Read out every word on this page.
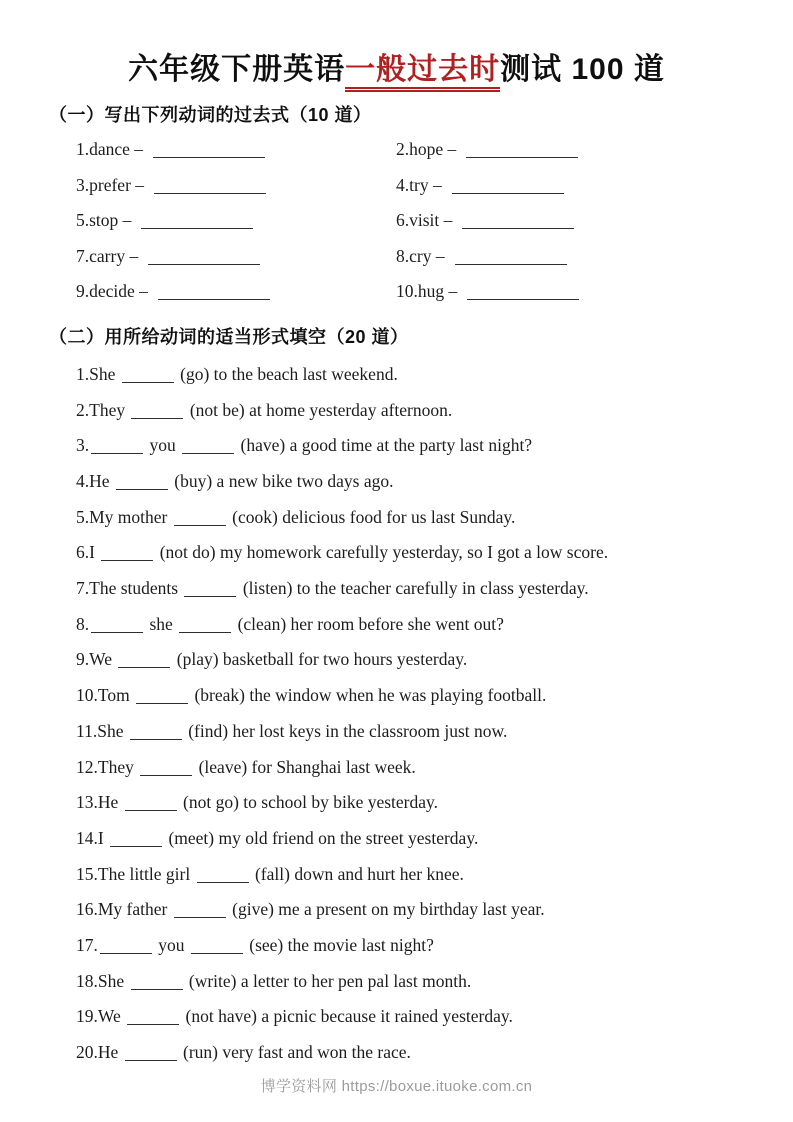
六年级下册英语一般过去时测试 100 道
（一）写出下列动词的过去式（10 道）
1.dance –	2.hope –
3.prefer –	4.try –
5.stop –	6.visit –
7.carry –	8.cry –
9.decide –	10.hug –
（二）用所给动词的适当形式填空（20 道）
1.She	(go) to the beach last weekend.
2.They	(not be) at home yesterday afternoon.
3.	you	(have) a good time at the party last night?
4.He	(buy) a new bike two days ago.
5.My mother	(cook) delicious food for us last Sunday.
6.I	(not do) my homework carefully yesterday, so I got a low score.
7.The students	(listen) to the teacher carefully in class yesterday.
8.	she	(clean) her room before she went out?
9.We	(play) basketball for two hours yesterday.
10.Tom	(break) the window when he was playing football.
11.She	(find) her lost keys in the classroom just now.
12.They	(leave) for Shanghai last week.
13.He	(not go) to school by bike yesterday.
14.I	(meet) my old friend on the street yesterday.
15.The little girl	(fall) down and hurt her knee.
16.My father	(give) me a present on my birthday last year.
17.	you	(see) the movie last night?
18.She	(write) a letter to her pen pal last month.
19.We	(not have) a picnic because it rained yesterday.
20.He	(run) very fast and won the race.
博学资料网 https://boxue.ituoke.com.cn
